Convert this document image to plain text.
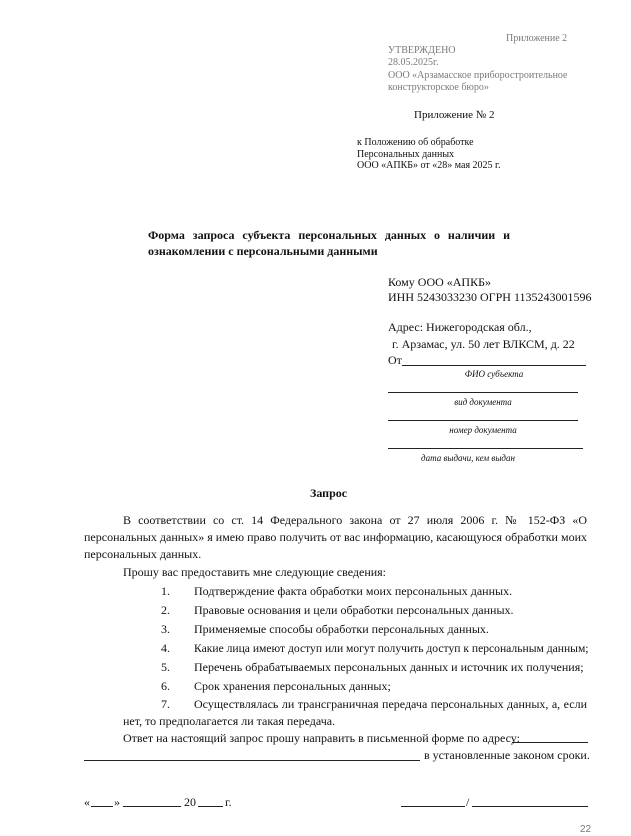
Приложение 2
УТВЕРЖДЕНО
28.05.2025г.
ООО «Арзамасское приборостроительное
конструкторское бюро»
Приложение № 2
к Положению об обработке
Персональных данных
ООО «АПКБ» от «28» мая 2025 г.
Форма запроса субъекта персональных данных о наличии и
ознакомлении с персональными данными
Кому ООО «АПКБ»
ИНН 5243033230 ОГРН 1135243001596
Адрес: Нижегородская обл.,
г. Арзамас, ул. 50 лет ВЛКСМ, д. 22
От
ФИО субъекта
вид документа
номер документа
дата выдачи, кем выдан
Запрос
В соответствии со ст. 14 Федерального закона от 27 июля 2006 г. № 152-ФЗ «О
персональных данных» я имею право получить от вас информацию, касающуюся обработки моих
персональных данных.
Прошу вас предоставить мне следующие сведения:
1. Подтверждение факта обработки моих персональных данных.
2. Правовые основания и цели обработки персональных данных.
3. Применяемые способы обработки персональных данных.
4. Какие лица имеют доступ или могут получить доступ к персональным данным;
5. Перечень обрабатываемых персональных данных и источник их получения;
6. Срок хранения персональных данных;
7. Осуществлялась ли трансграничная передача персональных данных, а, если
нет, то предполагается ли такая передача.
Ответ на настоящий запрос прошу направить в письменной форме по адресу:
в установленные законом сроки.
« »	20 г.	/
22
